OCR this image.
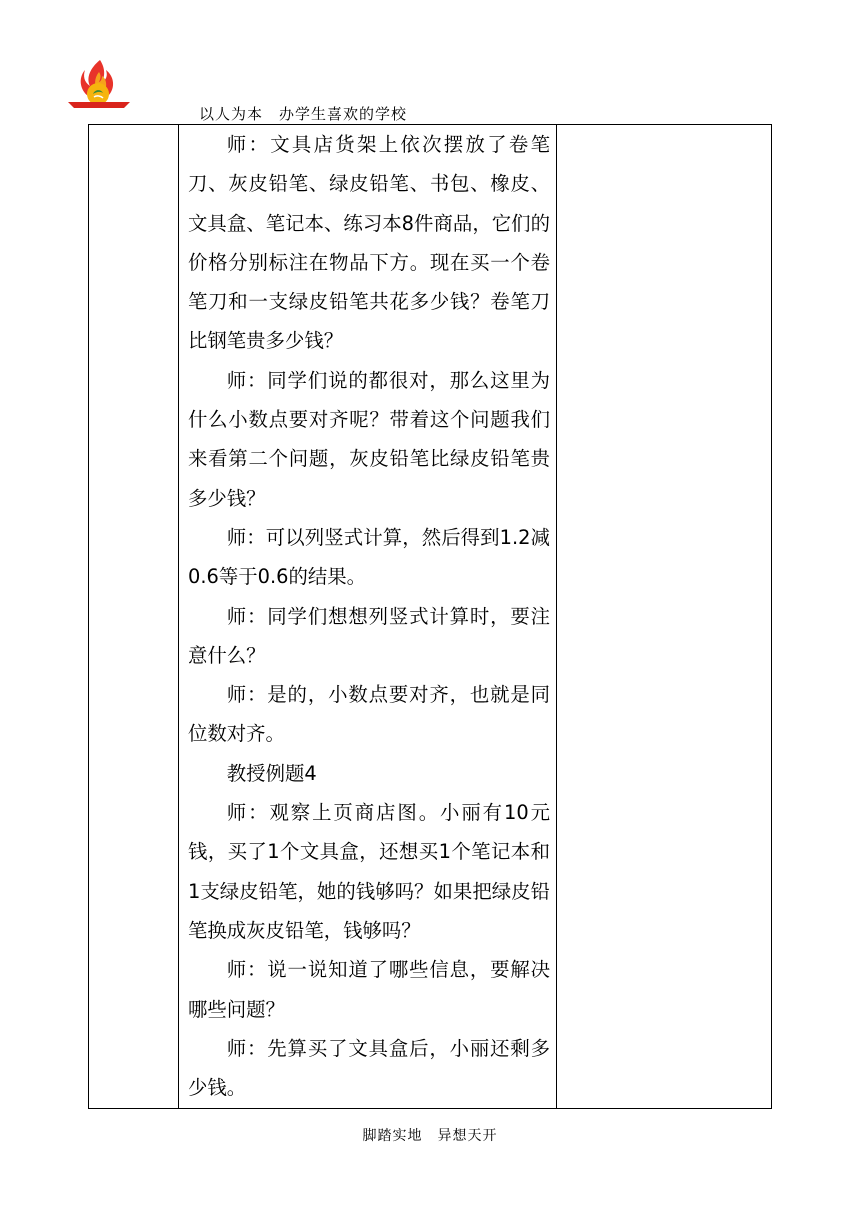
以人为本　办学生喜欢的学校

师：文具店货架上依次摆放了卷笔刀、灰皮铅笔、绿皮铅笔、书包、橡皮、文具盒、笔记本、练习本8件商品，它们的价格分别标注在物品下方。现在买一个卷笔刀和一支绿皮铅笔共花多少钱？卷笔刀比钢笔贵多少钱？

师：同学们说的都很对，那么这里为什么小数点要对齐呢？带着这个问题我们来看第二个问题，灰皮铅笔比绿皮铅笔贵多少钱？

师：可以列竖式计算，然后得到1.2减0.6等于0.6的结果。

师：同学们想想列竖式计算时，要注意什么？

师：是的，小数点要对齐，也就是同位数对齐。

教授例题4

师：观察上页商店图。小丽有10元钱，买了1个文具盒，还想买1个笔记本和1支绿皮铅笔，她的钱够吗？如果把绿皮铅笔换成灰皮铅笔，钱够吗？

师：说一说知道了哪些信息，要解决哪些问题？

师：先算买了文具盒后，小丽还剩多少钱。

脚踏实地　异想天开
